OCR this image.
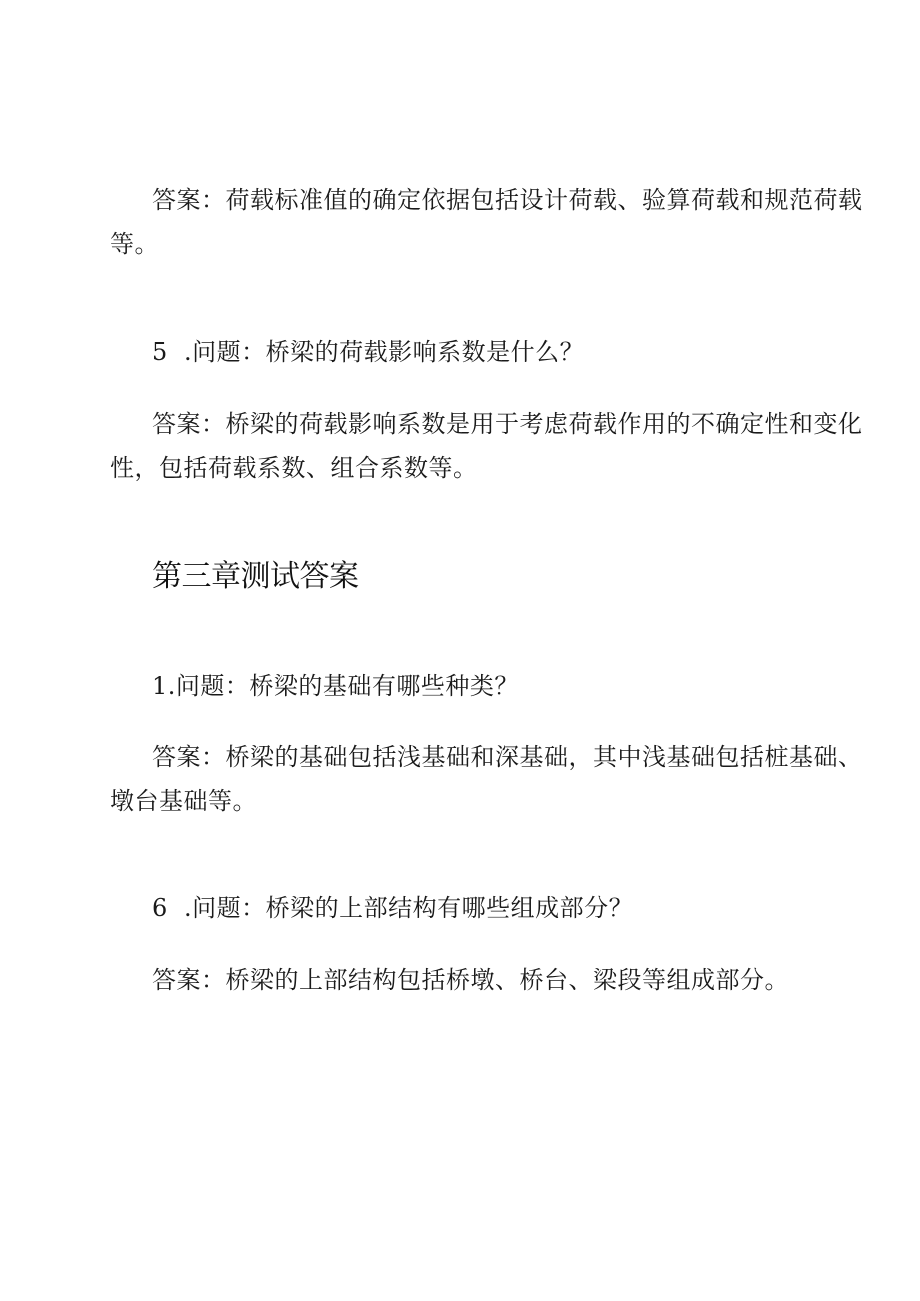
答案：荷载标准值的确定依据包括设计荷载、验算荷载和规范荷载
等。
5  .问题：桥梁的荷载影响系数是什么？
答案：桥梁的荷载影响系数是用于考虑荷载作用的不确定性和变化
性，包括荷载系数、组合系数等。
第三章测试答案
1.问题：桥梁的基础有哪些种类？
答案：桥梁的基础包括浅基础和深基础，其中浅基础包括桩基础、
墩台基础等。
6  .问题：桥梁的上部结构有哪些组成部分？
答案：桥梁的上部结构包括桥墩、桥台、梁段等组成部分。
